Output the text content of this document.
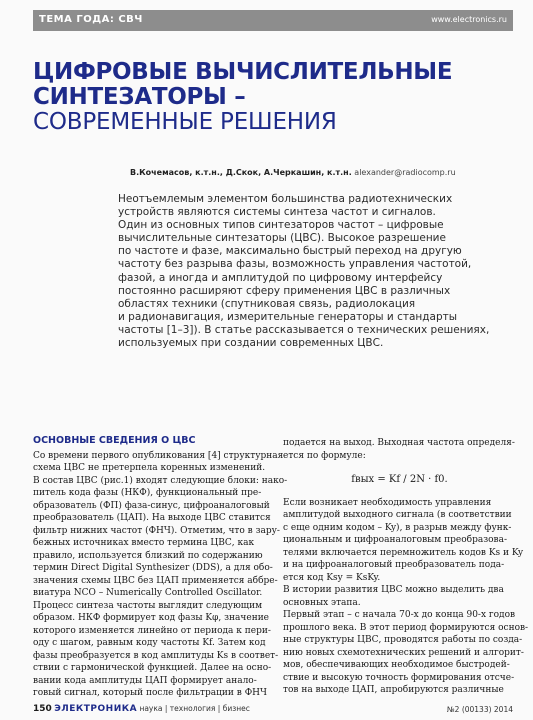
ТЕМА ГОДА: СВЧ	www.electronics.ru
ЦИФРОВЫЕ ВЫЧИСЛИТЕЛЬНЫЕ
СИНТЕЗАТОРЫ –
СОВРЕМЕННЫЕ РЕШЕНИЯ
В.Кочемасов, к.т.н., Д.Скок, А.Черкашин, к.т.н. alexander@radiocomp.ru
Неотъемлемым элементом большинства радиотехнических
устройств являются системы синтеза частот и сигналов.
Один из основных типов синтезаторов частот – цифровые
вычислительные синтезаторы (ЦВС). Высокое разрешение
по частоте и фазе, максимально быстрый переход на другую
частоту без разрыва фазы, возможность управления частотой,
фазой, а иногда и амплитудой по цифровому интерфейсу
постоянно расширяют сферу применения ЦВС в различных
областях техники (спутниковая связь, радиолокация
и радионавигация, измерительные генераторы и стандарты
частоты [1–3]). В статье рассказывается о технических решениях,
используемых при создании современных ЦВС.
ОСНОВНЫЕ СВЕДЕНИЯ О ЦВС
Со времени первого опубликования [4] структурная
схема ЦВС не претерпела коренных изменений.
В состав ЦВС (рис.1) входят следующие блоки: нако-
питель кода фазы (НКФ), функциональный пре-
образователь (ФП) фаза-синус, цифроаналоговый
преобразователь (ЦАП). На выходе ЦВС ставится
фильтр нижних частот (ФНЧ). Отметим, что в зару-
бежных источниках вместо термина ЦВС, как
правило, используется близкий по содержанию
термин Direct Digital Synthesizer (DDS), а для обо-
значения схемы ЦВС без ЦАП применяется аббре-
виатура NCO – Numerically Controlled Oscillator.
Процесс синтеза частоты выглядит следующим
образом. НКФ формирует код фазы Kφ, значение
которого изменяется линейно от периода к пери-
оду с шагом, равным коду частоты Kf. Затем код
фазы преобразуется в код амплитуды Ks в соответ-
ствии с гармонической функцией. Далее на осно-
вании кода амплитуды ЦАП формирует анало-
говый сигнал, который после фильтрации в ФНЧ
подается на выход. Выходная частота определя-
ется по формуле:
fвых = Kf / 2N · f0.
Если возникает необходимость управления
амплитудой выходного сигнала (в соответствии
с еще одним кодом – Ky), в разрыв между функ-
циональным и цифроаналоговым преобразова-
телями включается перемножитель кодов Ks и Ky
и на цифроаналоговый преобразователь пода-
ется код Ksy = KsKy.
В истории развития ЦВС можно выделить два
основных этапа.
Первый этап – с начала 70-х до конца 90-х годов
прошлого века. В этот период формируются основ-
ные структуры ЦВС, проводятся работы по созда-
нию новых схемотехнических решений и алгорит-
мов, обеспечивающих необходимое быстродей-
ствие и высокую точность формирования отсче-
тов на выходе ЦАП, апробируются различные
150 ЭЛЕКТРОНИКА наука | технология | бизнес	№2 (00133) 2014
